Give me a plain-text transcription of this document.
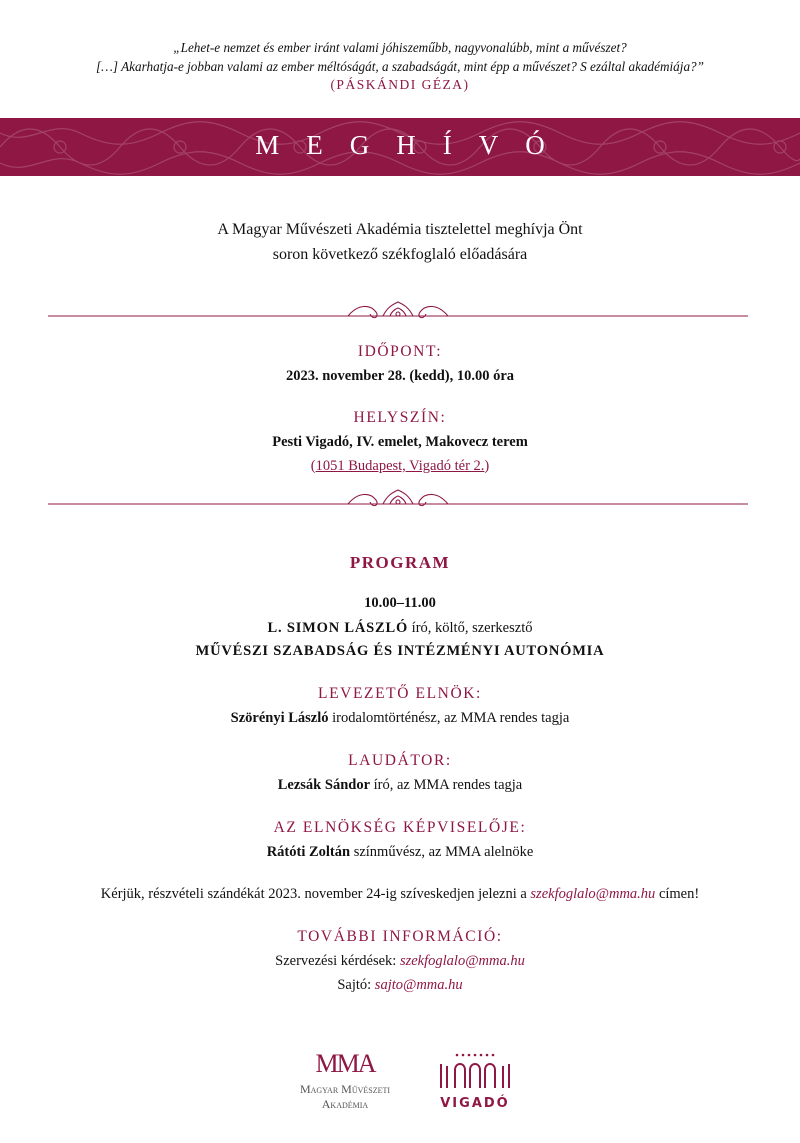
„Lehet-e nemzet és ember iránt valami jóhiszeműbb, nagyvonalúbb, mint a művészet?
[…] Akarhatja-e jobban valami az ember méltóságát, a szabadságát, mint épp a művészet? S ezáltal akadémiája?”
(PÁSKÁNDI GÉZA)
MEGHÍVÓ
A Magyar Művészeti Akadémia tisztelettel meghívja Önt
soron következő székfoglaló előadására
IDŐPONT:
2023. november 28. (kedd), 10.00 óra
HELYSZÍN:
Pesti Vigadó, IV. emelet, Makovecz terem
(1051 Budapest, Vigadó tér 2.)
PROGRAM
10.00–11.00
L. SIMON LÁSZLÓ író, költő, szerkesztő
MŰVÉSZI SZABADSÁG ÉS INTÉZMÉNYI AUTONÓMIA
LEVEZETŐ ELNÖK:
Szörényi László irodalomtörténész, az MMA rendes tagja
LAUDÁTOR:
Lezsák Sándor író, az MMA rendes tagja
AZ ELNÖKSÉG KÉPVISELŐJE:
Rátóti Zoltán színművész, az MMA alelnöke
Kérjük, részvételi szándékát 2023. november 24-ig szíveskedjen jelezni a szekfoglalo@mma.hu címen!
TOVÁBBI INFORMÁCIÓ:
Szervezési kérdések: szekfoglalo@mma.hu
Sajtó: sajto@mma.hu
MMA
Magyar Művészeti
Akadémia	VIGADÓ
